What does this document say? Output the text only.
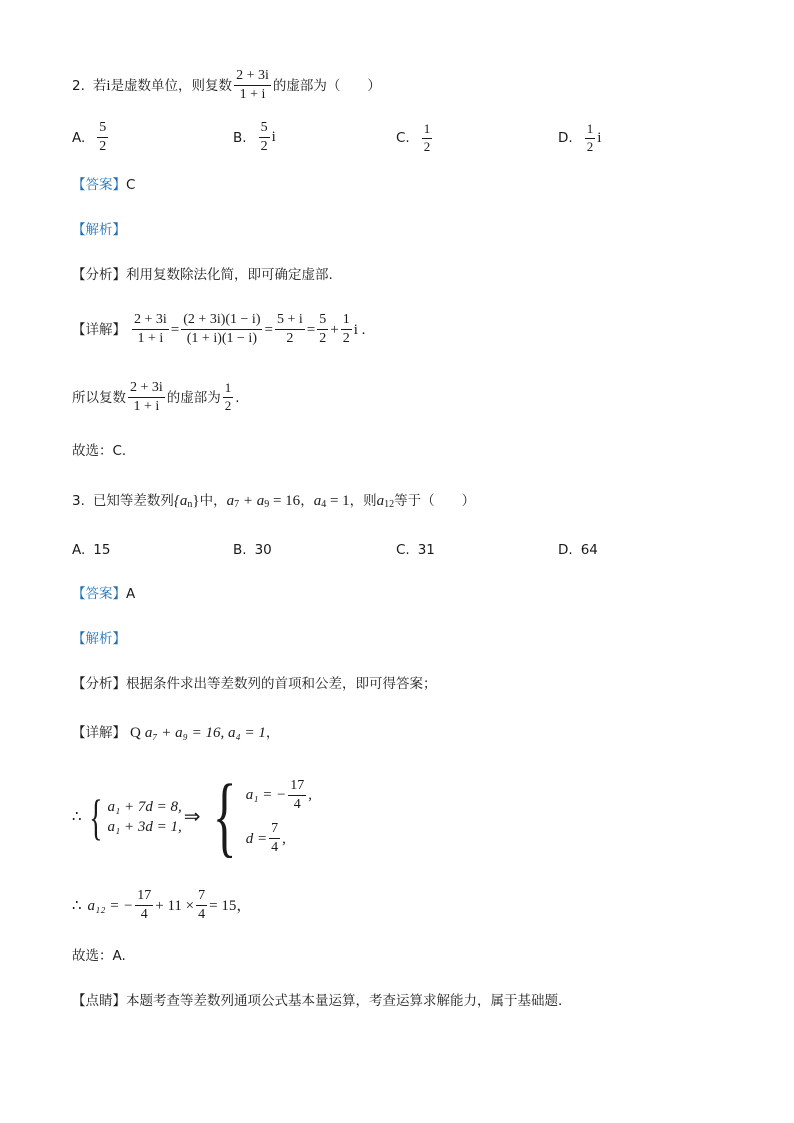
2. 若 i 是虚数单位，则复数 $\frac{2 + 3i}{1 + i}$ 的虚部为（　　）
A. $\frac{5}{2}$	B. $\frac{5}{2}$ i	C. $\frac{1}{2}$	D. $\frac{1}{2}$ i
【答案】 C
【解析】
【分析】 利用复数除法化简，即可确定虚部.
【详解】 $\frac{2 + 3i}{1 + i} = \frac{(2 + 3i)(1 - i)}{(1 + i)(1 - i)} = \frac{5 + i}{2} = \frac{5}{2} + \frac{1}{2}$ i .
所以复数 $\frac{2 + 3i}{1 + i}$ 的虚部为 $\frac{1}{2}$ .
故选：C.
3. 已知等差数列 {a n } 中， a 7 + a 9 = 16 ， a 4 = 1 ，则 a 12 等于（　　）
A. 15	B. 30	C. 31	D. 64
【答案】 A
【解析】
【分析】 根据条件求出等差数列的首项和公差，即可得答案；
【详解】 Q a₇ + a₉ = 16, a₄ = 1 ，
∴ { a₁ + 7d = 8,
a₁ + 3d = 1, ⇒ { a₁ = − $\frac{17}{4}$ ,
$d = \frac{7}{4}$ ,
∴ a₁₂ = − $\frac{17}{4} + 11 \times \frac{7}{4} = 15$，
故选：A.
【点睛】 本题考查等差数列通项公式基本量运算，考查运算求解能力，属于基础题.
